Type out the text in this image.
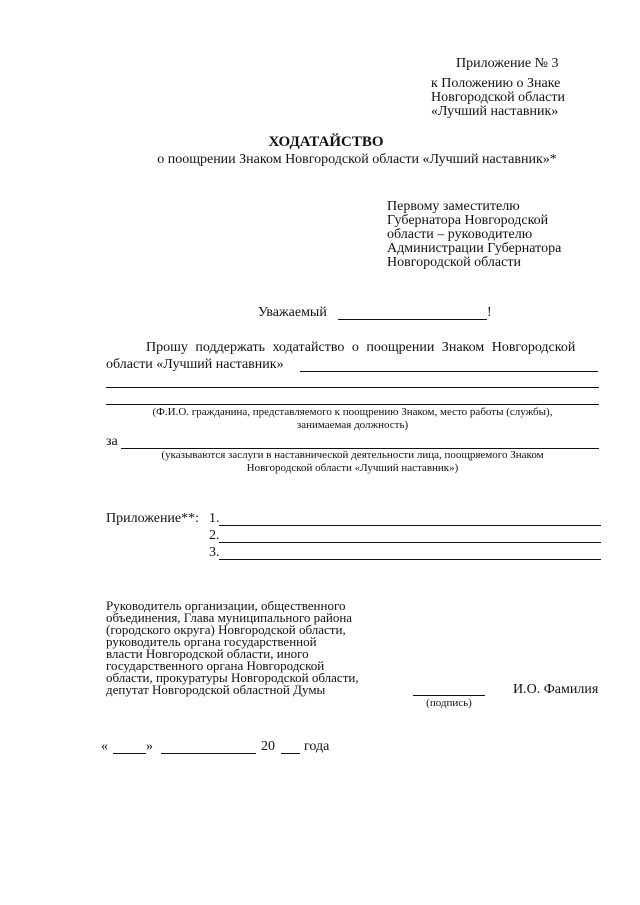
Приложение № 3
к Положению о Знаке
Новгородской области
«Лучший наставник»
ХОДАТАЙСТВО
о поощрении Знаком Новгородской области «Лучший наставник»*
Первому заместителю
Губернатора Новгородской
области – руководителю
Администрации Губернатора
Новгородской области
Уважаемый	!
Прошу поддержать ходатайство о поощрении Знаком Новгородской
области «Лучший наставник»
(Ф.И.О. гражданина, представляемого к поощрению Знаком, место работы (службы),
занимаемая должность)
за
(указываются заслуги в наставнической деятельности лица, поощряемого Знаком
Новгородской области «Лучший наставник»)
Приложение**: 1.
2.
3.
Руководитель организации, общественного
объединения, Глава муниципального района
(городского округа) Новгородской области,
руководитель органа государственной
власти Новгородской области, иного
государственного органа Новгородской
области, прокуратуры Новгородской области,
депутат Новгородской областной Думы
(подпись)
И.О. Фамилия
«	»	20 года
